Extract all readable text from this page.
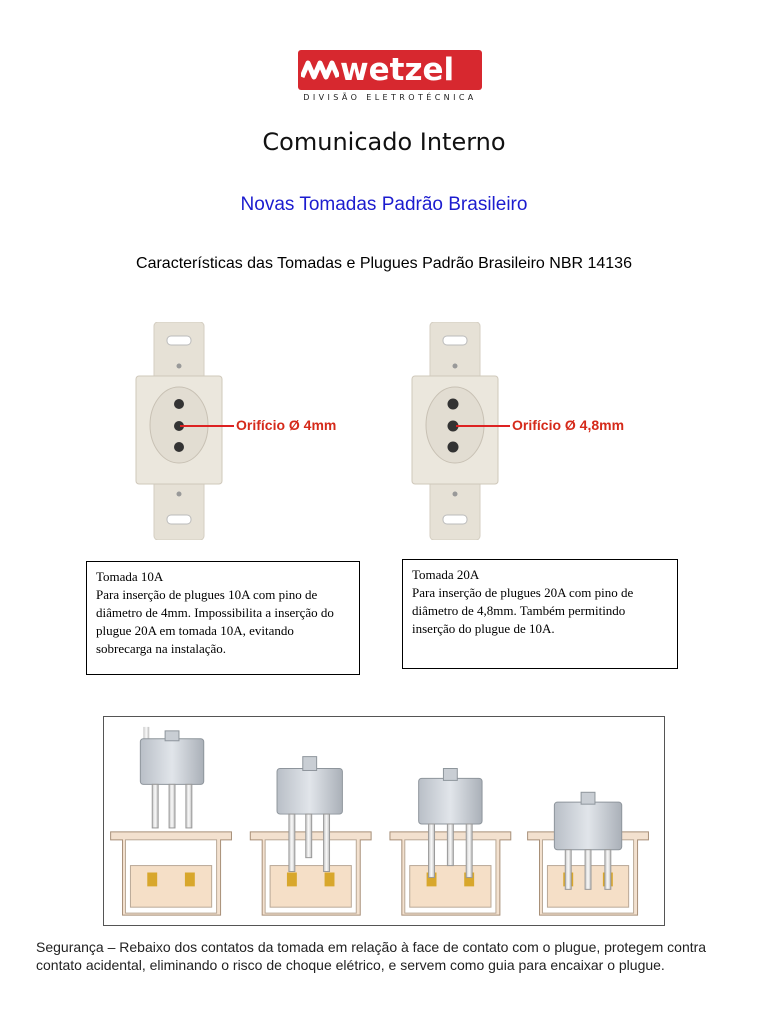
wetzel
DIVISÃO ELETROTÉCNICA
Comunicado Interno
Novas Tomadas Padrão Brasileiro
Características das Tomadas e Plugues Padrão Brasileiro NBR 14136
Orifício Ø 4mm	Orifício Ø 4,8mm
Tomada 10A
Para inserção de plugues 10A com pino de diâmetro de 4mm. Impossibilita a inserção do plugue 20A em tomada 10A, evitando sobrecarga na instalação.
Tomada 20A
Para inserção de plugues 20A com pino de diâmetro de 4,8mm. Também permitindo inserção do plugue de 10A.
Segurança – Rebaixo dos contatos da tomada em relação à face de contato com o plugue, protegem contra contato acidental, eliminando o risco de choque elétrico, e servem como guia para encaixar o plugue.
